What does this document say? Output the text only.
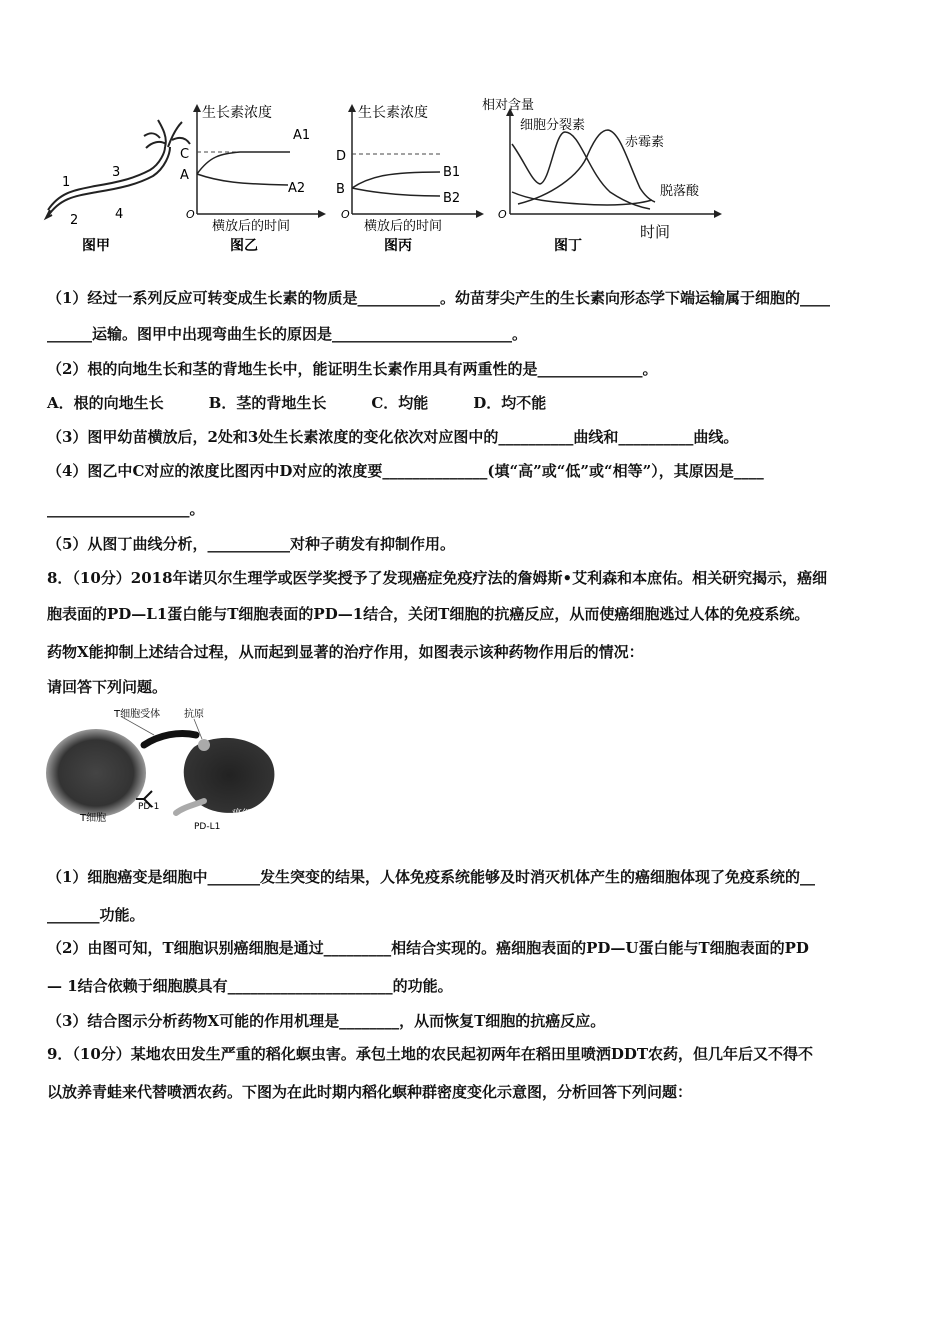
1
2
3
4
图甲
生长素浓度
C
A
A1
A2
O
横放后的时间
图乙
生长素浓度
D
B
B1
B2
O
横放后的时间
图丙
相对含量
细胞分裂素
赤霉素
脱落酸
O
时间
图丁
（1）经过一系列反应可转变成生长素的物质是___________。幼苗芽尖产生的生长素向形态学下端运输属于细胞的____
______运输。图甲中出现弯曲生长的原因是________________________。
（2）根的向地生长和茎的背地生长中，能证明生长素作用具有两重性的是______________。
A．根的向地生长　　　B．茎的背地生长　　　C．均能　　　D．均不能
（3）图甲幼苗横放后，2处和3处生长素浓度的变化依次对应图中的__________曲线和__________曲线。
（4）图乙中C对应的浓度比图丙中D对应的浓度要______________(填“高”或“低”或“相等”），其原因是____
___________________。
（5）从图丁曲线分析，___________对种子萌发有抑制作用。
8．（10分）2018年诺贝尔生理学或医学奖授予了发现癌症免疫疗法的詹姆斯•艾利森和本庶佑。相关研究揭示，癌细
胞表面的PD—L1蛋白能与T细胞表面的PD—1结合，关闭T细胞的抗癌反应，从而使癌细胞逃过人体的免疫系统。
药物X能抑制上述结合过程，从而起到显著的治疗作用，如图表示该种药物作用后的情况：
请回答下列问题。
T细胞受体 抗原
PD-1
T细胞
PD-L1
癌细胞
（1）细胞癌变是细胞中_______发生突变的结果，人体免疫系统能够及时消灭机体产生的癌细胞体现了免疫系统的__
_______功能。
（2）由图可知，T细胞识别癌细胞是通过_________相结合实现的。癌细胞表面的PD—U蛋白能与T细胞表面的PD
— 1结合依赖于细胞膜具有______________________的功能。
（3）结合图示分析药物X可能的作用机理是________，从而恢复T细胞的抗癌反应。
9．（10分）某地农田发生严重的稻化螟虫害。承包土地的农民起初两年在稻田里喷洒DDT农药，但几年后又不得不
以放养青蛙来代替喷洒农药。下图为在此时期内稻化螟种群密度变化示意图，分析回答下列问题：
